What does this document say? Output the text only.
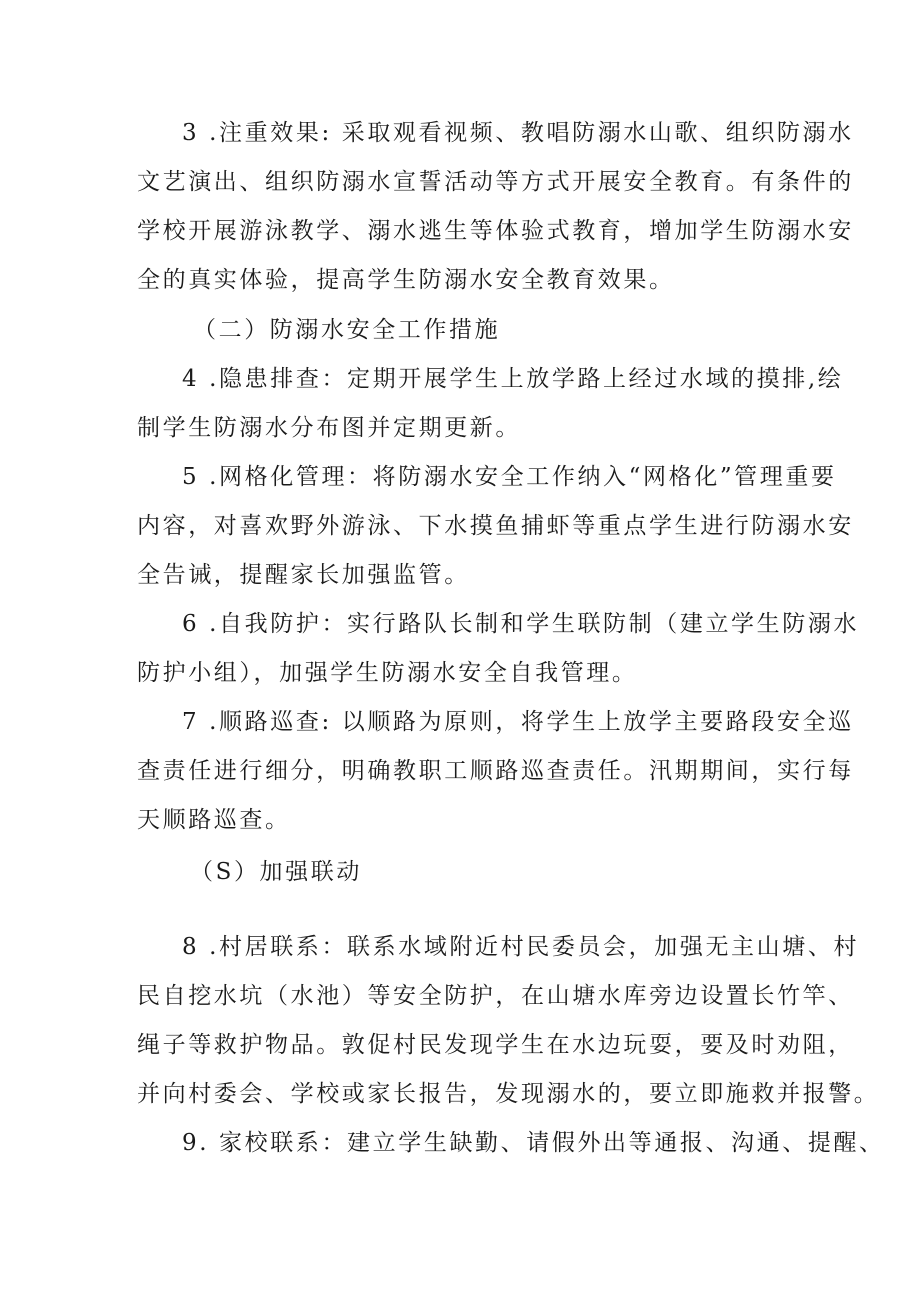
3 .注重效果: 采取观看视频、教唱防溺水山歌、组织防溺水
文艺演出、组织防溺水宣誓活动等方式开展安全教育。有条件的
学校开展游泳教学、溺水逃生等体验式教育，增加学生防溺水安
全的真实体验，提高学生防溺水安全教育效果。
（二）防溺水安全工作措施
4 .隐患排查：定期开展学生上放学路上经过水域的摸排,绘
制学生防溺水分布图并定期更新。
5 .网格化管理：将防溺水安全工作纳入“网格化”管理重要
内容，对喜欢野外游泳、下水摸鱼捕虾等重点学生进行防溺水安
全告诫，提醒家长加强监管。
6 .自我防护：实行路队长制和学生联防制（建立学生防溺水
防护小组），加强学生防溺水安全自我管理。
7 .顺路巡查: 以顺路为原则，将学生上放学主要路段安全巡
查责任进行细分，明确教职工顺路巡查责任。汛期期间，实行每
天顺路巡查。
（S）加强联动
8 .村居联系：联系水域附近村民委员会，加强无主山塘、村
民自挖水坑（水池）等安全防护，在山塘水库旁边设置长竹竿、
绳子等救护物品。敦促村民发现学生在水边玩耍，要及时劝阻，
并向村委会、学校或家长报告，发现溺水的，要立即施救并报警。
9. 家校联系：建立学生缺勤、请假外出等通报、沟通、提醒、
